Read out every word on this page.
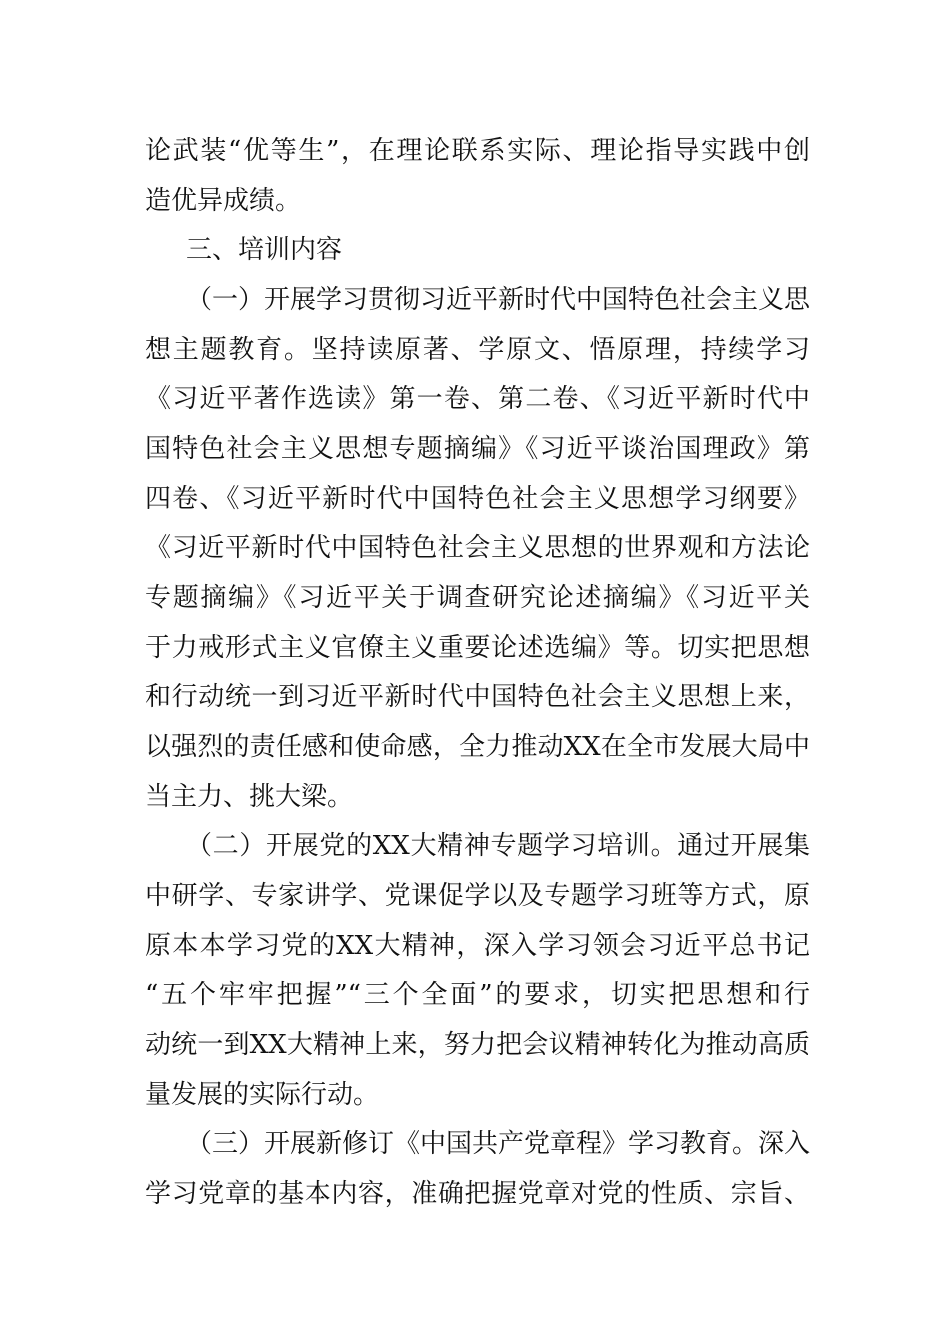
论武装“优等生”，在理论联系实际、理论指导实践中创
造优异成绩。
三、培训内容
（一）开展学习贯彻习近平新时代中国特色社会主义思
想主题教育。坚持读原著、学原文、悟原理，持续学习
《习近平著作选读》第一卷、第二卷、《习近平新时代中
国特色社会主义思想专题摘编》《习近平谈治国理政》第
四卷、《习近平新时代中国特色社会主义思想学习纲要》
《习近平新时代中国特色社会主义思想的世界观和方法论
专题摘编》《习近平关于调查研究论述摘编》《习近平关
于力戒形式主义官僚主义重要论述选编》等。切实把思想
和行动统一到习近平新时代中国特色社会主义思想上来，
以强烈的责任感和使命感，全力推动XX在全市发展大局中
当主力、挑大梁。
（二）开展党的XX大精神专题学习培训。通过开展集
中研学、专家讲学、党课促学以及专题学习班等方式，原
原本本学习党的XX大精神，深入学习领会习近平总书记
“五个牢牢把握”“三个全面”的要求，切实把思想和行
动统一到XX大精神上来，努力把会议精神转化为推动高质
量发展的实际行动。
（三）开展新修订《中国共产党章程》学习教育。深入
学习党章的基本内容，准确把握党章对党的性质、宗旨、
